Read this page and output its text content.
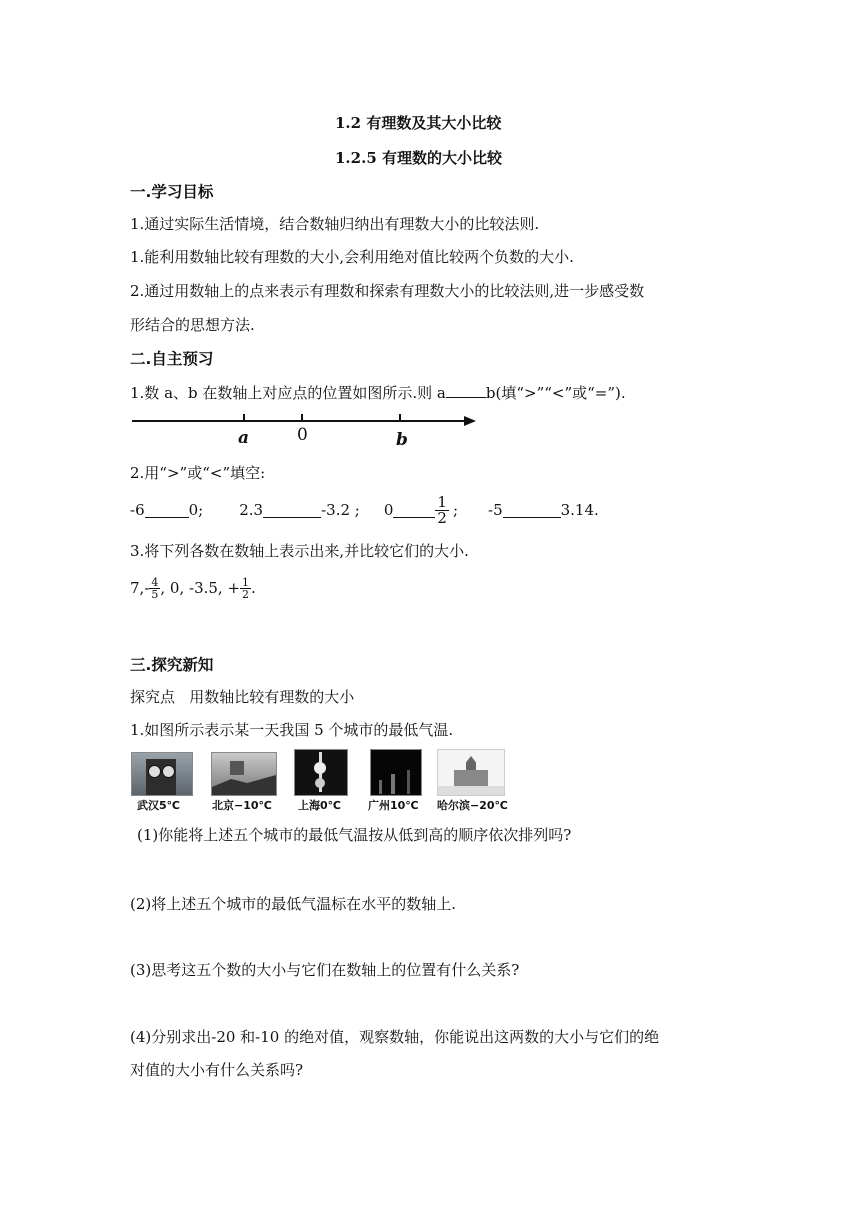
1.2 有理数及其大小比较
1.2.5 有理数的大小比较
一.学习目标
1.通过实际生活情境，结合数轴归纳出有理数大小的比较法则.
1.能利用数轴比较有理数的大小,会利用绝对值比较两个负数的大小.
2.通过用数轴上的点来表示有理数和探索有理数大小的比较法则,进一步感受数
形结合的思想方法.
二.自主预习
1.数 a、b 在数轴上对应点的位置如图所示.则 a	b(填“>”“<”或“=”).
a	0	b
2.用“>”或“<”填空:
-6	0; 2.3	-3.2 ; 0	$\frac{1}{2}$ ; -5	3.14.
3.将下列各数在数轴上表示出来,并比较它们的大小.
7, - $\frac{4}{5}$ , 0, -3.5, + $\frac{1}{2}$ .
三.探究新知
探究点   用数轴比较有理数的大小
1.如图所示表示某一天我国 5 个城市的最低气温.
武汉5℃	北京−10℃ 上海0℃ 广州10℃ 哈尔滨−20℃
(1)你能将上述五个城市的最低气温按从低到高的顺序依次排列吗?
(2)将上述五个城市的最低气温标在水平的数轴上.
(3)思考这五个数的大小与它们在数轴上的位置有什么关系?
(4)分别求出-20 和-10 的绝对值，观察数轴，你能说出这两数的大小与它们的绝
对值的大小有什么关系吗?
